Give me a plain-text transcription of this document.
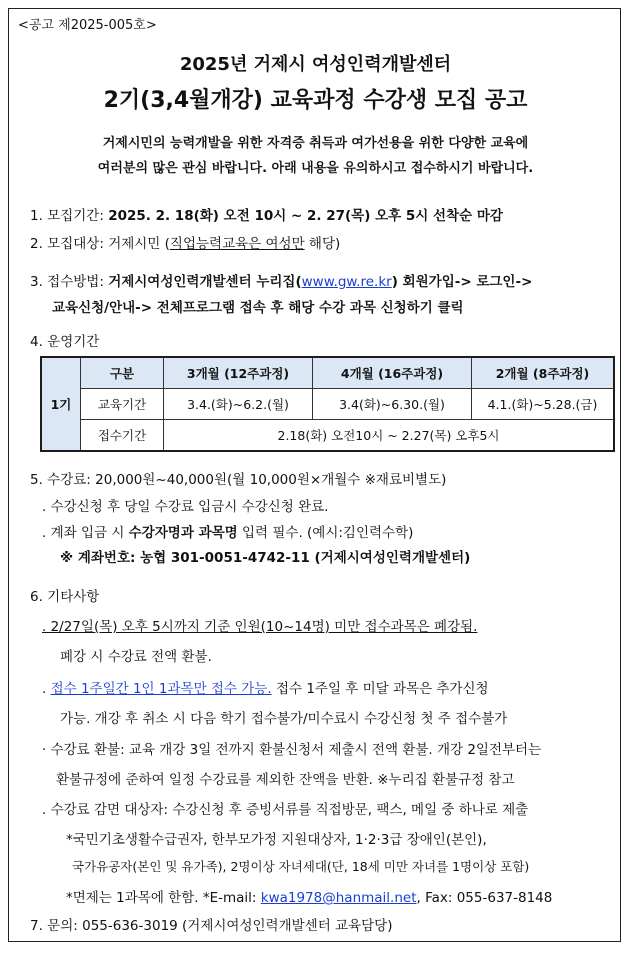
<공고 제2025-005호>
2025년 거제시 여성인력개발센터
2기(3,4월개강) 교육과정 수강생 모집 공고
거제시민의 능력개발을 위한 자격증 취득과 여가선용을 위한 다양한 교육에
여러분의 많은 관심 바랍니다. 아래 내용을 유의하시고 접수하시기 바랍니다.
1. 모집기간: 2025. 2. 18(화) 오전 10시 ~ 2. 27(목) 오후 5시 선착순 마감
2. 모집대상: 거제시민 (직업능력교육은 여성만 해당)
3. 접수방법: 거제시여성인력개발센터 누리집(www.gw.re.kr) 회원가입-> 로그인->
교육신청/안내-> 전체프로그램 접속 후 해당 수강 과목 신청하기 클릭
4. 운영기간
1기	구분	3개월 (12주과정)	4개월 (16주과정)	2개월 (8주과정)
	교육기간	3.4.(화)~6.2.(월)	3.4(화)~6.30.(월)	4.1.(화)~5.28.(금)
	접수기간	2.18(화) 오전10시 ~ 2.27(목) 오후5시		
5. 수강료: 20,000원~40,000원(월 10,000원×개월수 ※재료비별도)
. 수강신청 후 당일 수강료 입금시 수강신청 완료.
. 계좌 입금 시 수강자명과 과목명 입력 필수. (예시:김인력수학)
※ 계좌번호: 농협 301-0051-4742-11 (거제시여성인력개발센터)
6. 기타사항
. 2/27일(목) 오후 5시까지 기준 인원(10~14명) 미만 접수과목은 폐강됨.
폐강 시 수강료 전액 환불.
. 접수 1주일간 1인 1과목만 접수 가능. 접수 1주일 후 미달 과목은 추가신청
가능. 개강 후 취소 시 다음 학기 접수불가/미수료시 수강신청 첫 주 접수불가
· 수강료 환불: 교육 개강 3일 전까지 환불신청서 제출시 전액 환불. 개강 2일전부터는
환불규정에 준하여 일정 수강료를 제외한 잔액을 반환. ※누리집 환불규정 참고
. 수강료 감면 대상자: 수강신청 후 증빙서류를 직접방문, 팩스, 메일 중 하나로 제출
*국민기초생활수급권자, 한부모가정 지원대상자, 1·2·3급 장애인(본인),
국가유공자(본인 및 유가족), 2명이상 자녀세대(단, 18세 미만 자녀를 1명이상 포함)
*면제는 1과목에 한함. *E-mail: kwa1978@hanmail.net, Fax: 055-637-8148
7. 문의: 055-636-3019 (거제시여성인력개발센터 교육담당)
